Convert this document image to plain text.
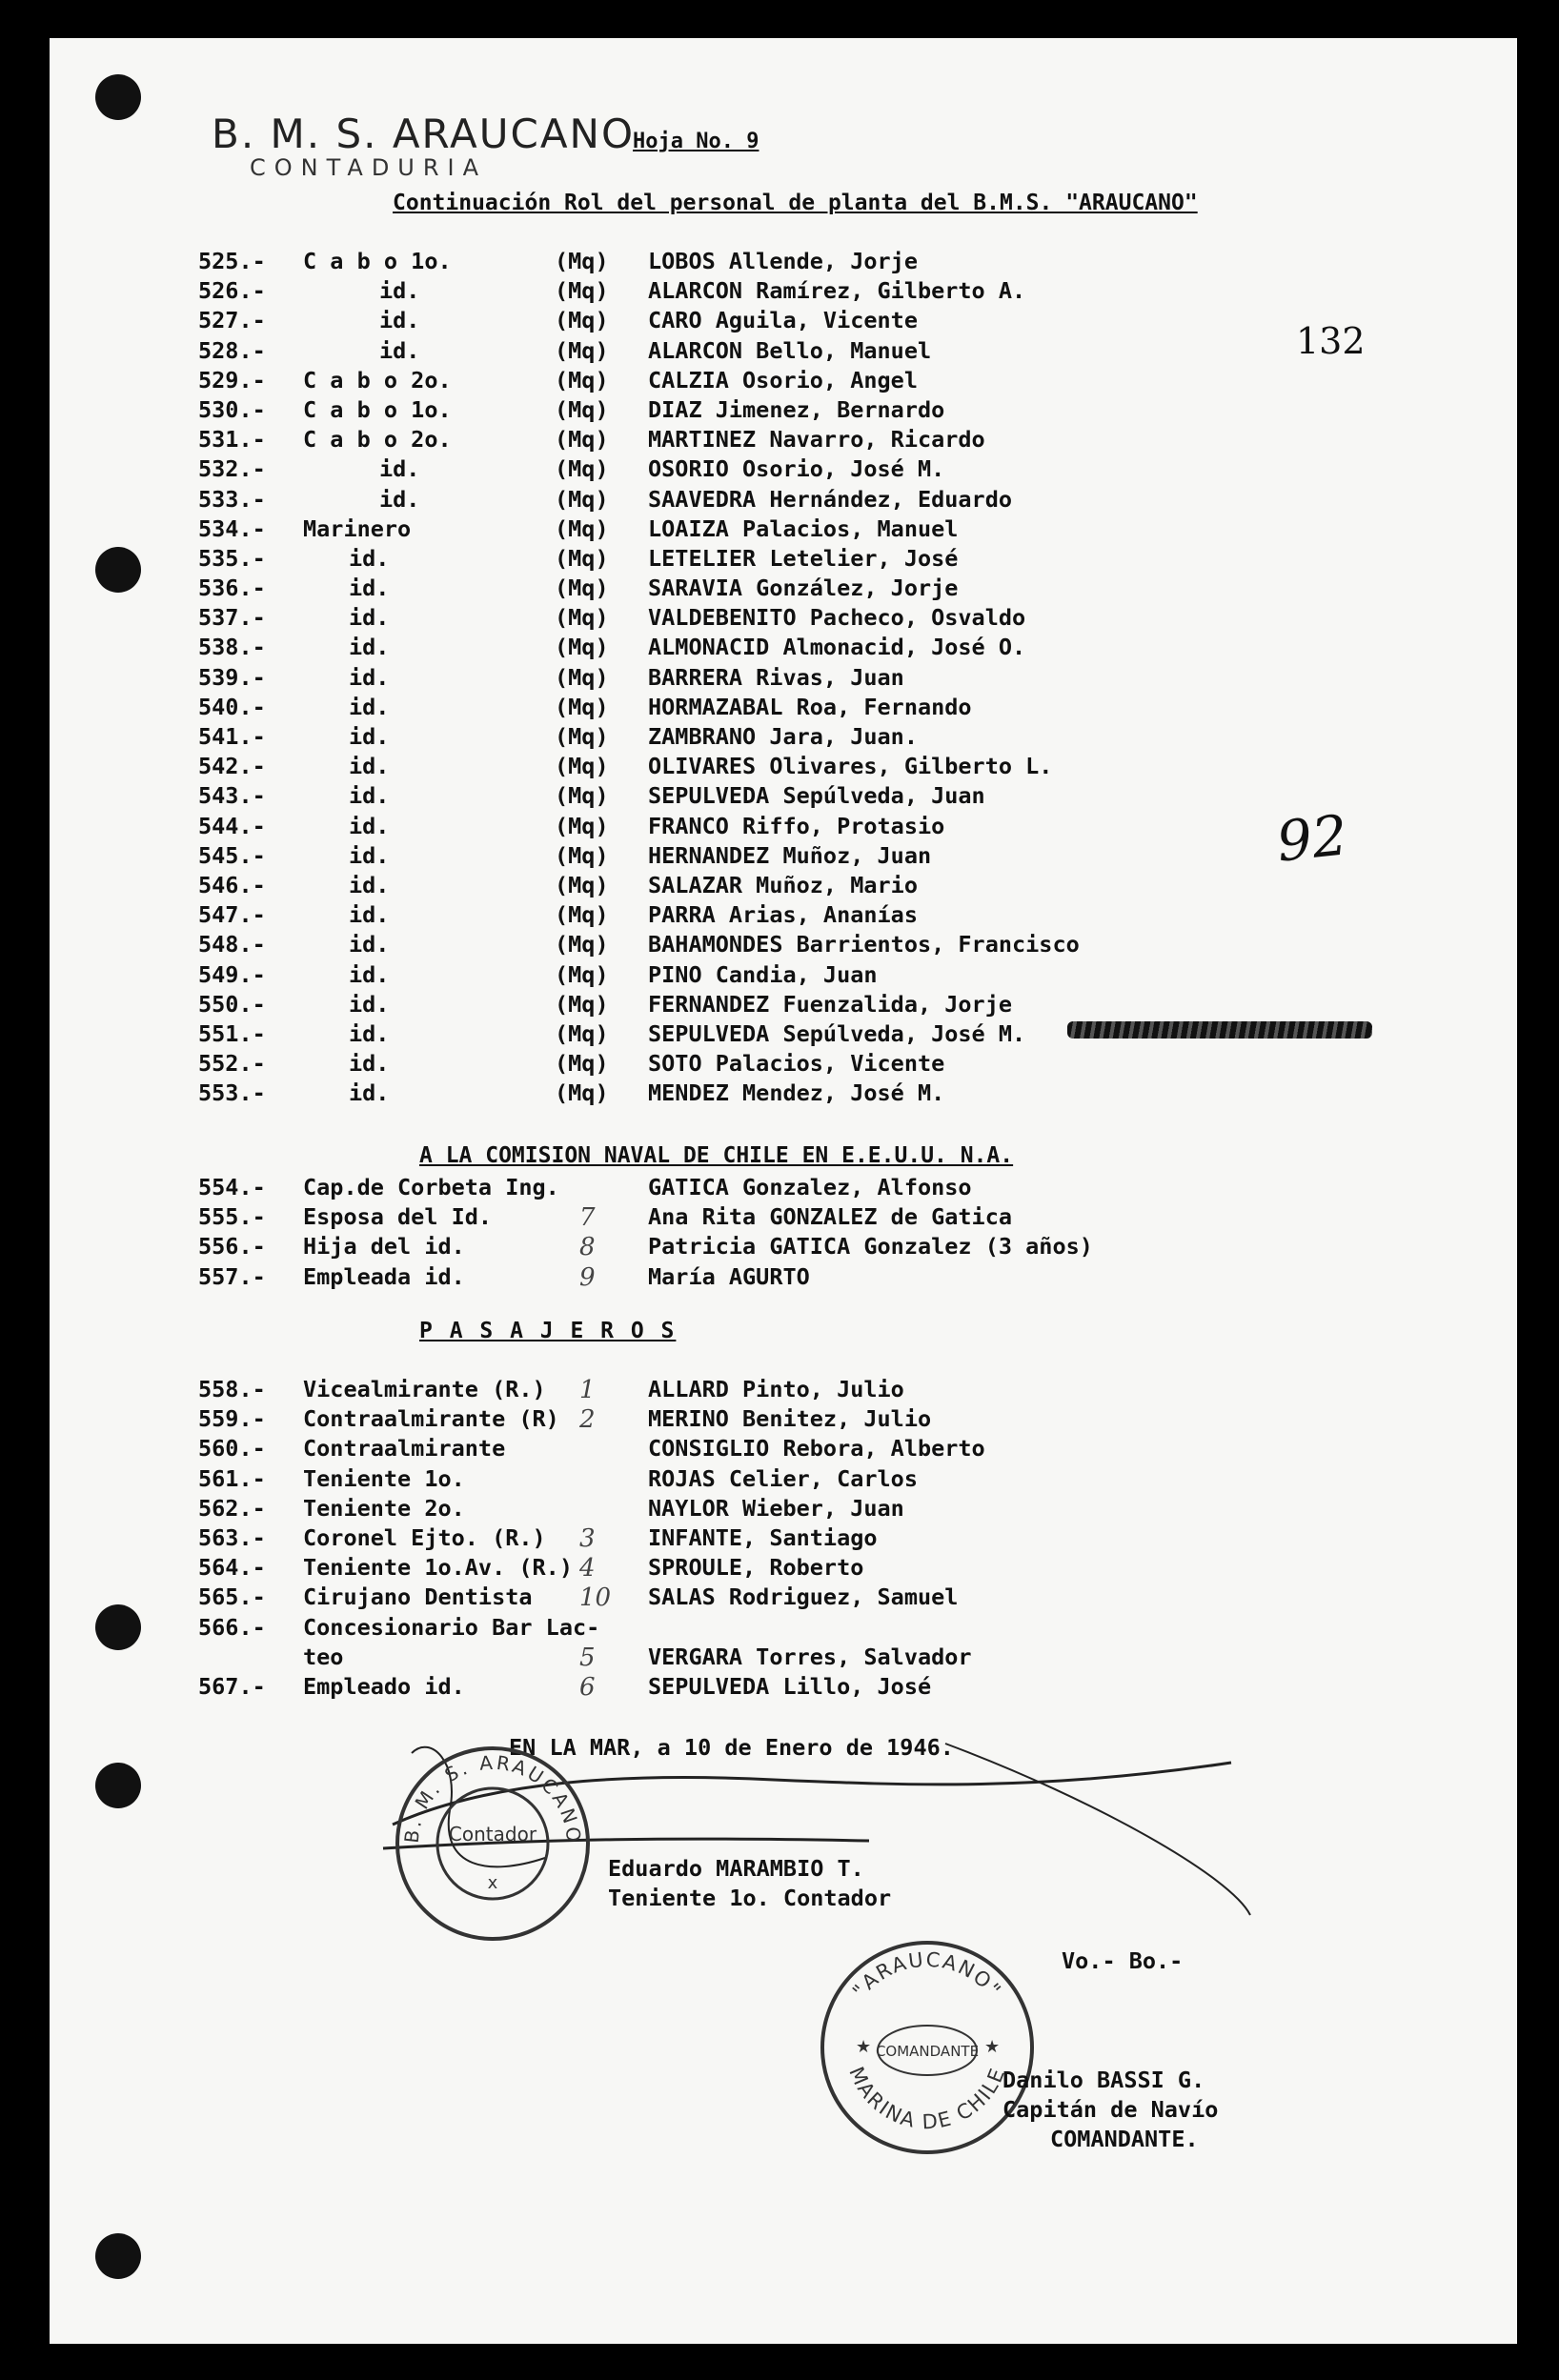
B. M. S. ARAUCANO
CONTADURIA
Hoja No. 9
Continuación Rol del personal de planta del B.M.S. "ARAUCANO"
132
92
525.- C a b o 1o.	(Mq) LOBOS Allende, Jorje
526.-	id.	(Mq) ALARCON Ramírez, Gilberto A.
527.-	id.	(Mq) CARO Aguila, Vicente
528.-	id.	(Mq) ALARCON Bello, Manuel
529.- C a b o 2o.	(Mq) CALZIA Osorio, Angel
530.- C a b o 1o.	(Mq) DIAZ Jimenez, Bernardo
531.- C a b o 2o.	(Mq) MARTINEZ Navarro, Ricardo
532.-	id.	(Mq) OSORIO Osorio, José M.
533.-	id.	(Mq) SAAVEDRA Hernández, Eduardo
534.- Marinero	(Mq) LOAIZA Palacios, Manuel
535.-	id.	(Mq) LETELIER Letelier, José
536.-	id.	(Mq) SARAVIA González, Jorje
537.-	id.	(Mq) VALDEBENITO Pacheco, Osvaldo
538.-	id.	(Mq) ALMONACID Almonacid, José O.
539.-	id.	(Mq) BARRERA Rivas, Juan
540.-	id.	(Mq) HORMAZABAL Roa, Fernando
541.-	id.	(Mq) ZAMBRANO Jara, Juan.
542.-	id.	(Mq) OLIVARES Olivares, Gilberto L.
543.-	id.	(Mq) SEPULVEDA Sepúlveda, Juan
544.-	id.	(Mq) FRANCO Riffo, Protasio
545.-	id.	(Mq) HERNANDEZ Muñoz, Juan
546.-	id.	(Mq) SALAZAR Muñoz, Mario
547.-	id.	(Mq) PARRA Arias, Ananías
548.-	id.	(Mq) BAHAMONDES Barrientos, Francisco
549.-	id.	(Mq) PINO Candia, Juan
550.-	id.	(Mq) FERNANDEZ Fuenzalida, Jorje
551.-	id.	(Mq) SEPULVEDA Sepúlveda, José M.
552.-	id.	(Mq) SOTO Palacios, Vicente
553.-	id.	(Mq) MENDEZ Mendez, José M.
A LA COMISION NAVAL DE CHILE EN E.E.U.U. N.A.
554.- Cap.de Corbeta Ing.	GATICA Gonzalez, Alfonso
555.- Esposa del Id.	7 Ana Rita GONZALEZ de Gatica
556.- Hija del id.	8 Patricia GATICA Gonzalez (3 años)
557.- Empleada id.	9 María AGURTO
P A S A J E R O S
558.- Vicealmirante (R.) 1 ALLARD Pinto, Julio
559.- Contraalmirante (R) 2 MERINO Benitez, Julio
560.- Contraalmirante	CONSIGLIO Rebora, Alberto
561.- Teniente 1o.	ROJAS Celier, Carlos
562.- Teniente 2o.	NAYLOR Wieber, Juan
563.- Coronel Ejto. (R.) 3 INFANTE, Santiago
564.- Teniente 1o.Av. (R.) 4 SPROULE, Roberto
565.- Cirujano Dentista 10 SALAS Rodriguez, Samuel
566.- Concesionario Bar Lac-
teo	5 VERGARA Torres, Salvador
567.- Empleado id.	6 SEPULVEDA Lillo, José
EN LA MAR, a 10 de Enero de 1946.
B. M. S. ARAUCANO
Contador
x
Eduardo MARAMBIO T.
Teniente 1o. Contador
Vo.- Bo.-
"ARAUCANO"
MARINA DE CHILE
COMANDANTE
★	★
Danilo BASSI G.
Capitán de Navío
COMANDANTE.
